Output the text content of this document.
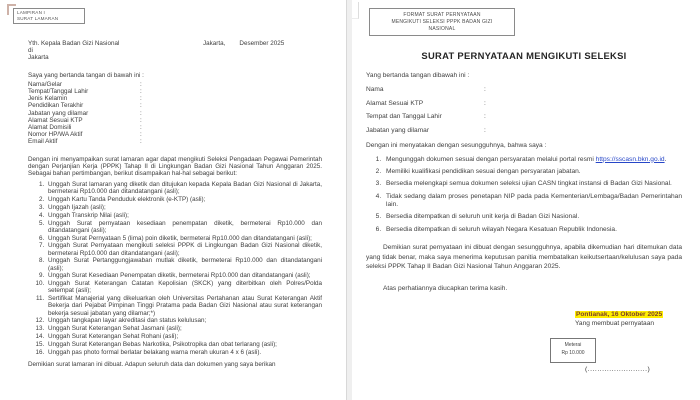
LAMPIRAN I
SURAT LAMARAN
Yth. Kepala Badan Gizi Nasional	Jakarta, Desember 2025
di
Jakarta
Saya yang bertanda tangan di bawah ini :
Nama/Gelar	:
Tempat/Tanggal Lahir	:
Jenis Kelamin	:
Pendidikan Terakhir	:
Jabatan yang dilamar	:
Alamat Sesuai KTP	:
Alamat Domisili	:
Nomor HP/WA Aktif	:
Email Aktif	:
Dengan ini menyampaikan surat lamaran agar dapat mengikuti Seleksi Pengadaan Pegawai Pemerintah dengan Perjanjian Kerja (PPPK) Tahap II di Lingkungan Badan Gizi Nasional Tahun Anggaran 2025. Sebagai bahan pertimbangan, berikut disampaikan hal-hal sebagai berikut:
1. Unggah Surat lamaran yang diketik dan ditujukan kepada Kepala Badan Gizi Nasional di Jakarta, bermeterai Rp10.000 dan ditandatangani (asli);
2. Unggah Kartu Tanda Penduduk elektronik (e-KTP) (asli);
3. Unggah Ijazah (asli);
4. Unggah Transkrip Nilai (asli);
5. Unggah Surat pernyataan kesediaan penempatan diketik, bermeterai Rp10.000 dan ditandatangani (asli);
6. Unggah Surat Pernyataan 5 (lima) poin diketik, bermeterai Rp10.000 dan ditandatangani (asli);
7. Unggah Surat Pernyataan mengikuti seleksi PPPK di Lingkungan Badan Gizi Nasional diketik, bermeterai Rp10.000 dan ditandatangani (asli);
8. Unggah Surat Pertanggungjawaban mutlak diketik, bermeterai Rp10.000 dan ditandatangani (asli);
9. Unggah Surat Kesediaan Penempatan diketik, bermeterai Rp10.000 dan ditandatangani (asli);
10. Unggah Surat Keterangan Catatan Kepolisian (SKCK) yang diterbitkan oleh Polres/Polda setempat (asli);
11. Sertifikat Manajerial yang dikeluarkan oleh Universitas Pertahanan atau Surat Keterangan Aktif Bekerja dari Pejabat Pimpinan Tinggi Pratama pada Badan Gizi Nasional atau surat keterangan bekerja sesuai jabatan yang dilamar;*)
12. Unggah tangkapan layar akreditasi dan status kelulusan;
13. Unggah Surat Keterangan Sehat Jasmani (asli);
14. Unggah Surat Keterangan Sehat Rohani (asli);
15. Unggah Surat Keterangan Bebas Narkotika, Psikotropika dan obat terlarang (asli);
16. Unggah pas photo formal berlatar belakang warna merah ukuran 4 x 6 (asli).
Demikian surat lamaran ini dibuat. Adapun seluruh data dan dokumen yang saya berikan
FORMAT SURAT PERNYATAAN
MENGIKUTI SELEKSI PPPK BADAN GIZI
NASIONAL
SURAT PERNYATAAN MENGIKUTI SELEKSI
Yang bertanda tangan dibawah ini :
Nama	:
Alamat Sesuai KTP	:
Tempat dan Tanggal Lahir	:
Jabatan yang dilamar	:
Dengan ini menyatakan dengan sesungguhnya, bahwa saya :
1. Mengunggah dokumen sesuai dengan persyaratan melalui portal resmi https://sscasn.bkn.go.id.
2. Memiliki kualifikasi pendidikan sesuai dengan persyaratan jabatan.
3. Bersedia melengkapi semua dokumen seleksi ujian CASN tingkat instansi di Badan Gizi Nasional.
4. Tidak sedang dalam proses penetapan NIP pada pada Kementerian/Lembaga/Badan Pemerintahan lain.
5. Bersedia ditempatkan di seluruh unit kerja di Badan Gizi Nasional.
6. Bersedia ditempatkan di seluruh wilayah Negara Kesatuan Republik Indonesia.
Demikian surat pernyataan ini dibuat dengan sesungguhnya, apabila dikemudian hari ditemukan data yang tidak benar, maka saya menerima keputusan panitia membatalkan keikutsertaan/kelulusan saya pada seleksi PPPK Tahap II Badan Gizi Nasional Tahun Anggaran 2025.
Atas perhatiannya diucapkan terima kasih.
Pontianak, 16 Oktober 2025
Yang membuat pernyataan
Meterai
Rp 10.000
(.........................)
